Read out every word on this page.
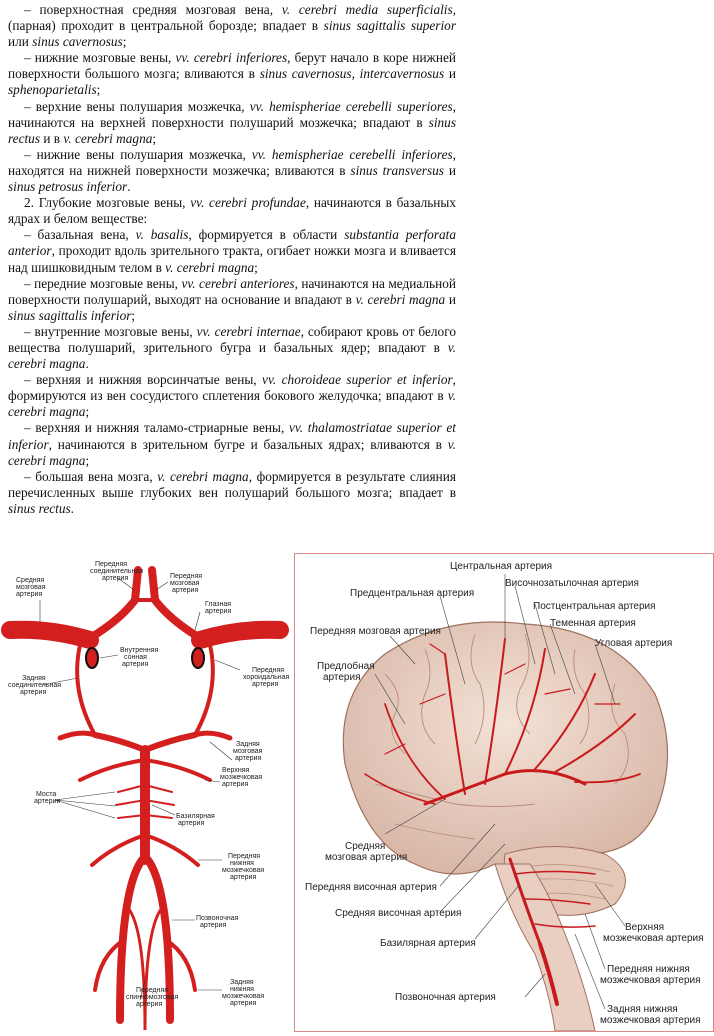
– поверхностная средняя мозговая вена, v. cerebri media superficialis, (парная) проходит в центральной борозде; впадает в sinus sagittalis superior или sinus cavernosus;

– нижние мозговые вены, vv. cerebri inferiores, берут начало в коре нижней поверхности большого мозга; вливаются в sinus cavernosus, intercavernosus и sphenoparietalis;

– верхние вены полушария мозжечка, vv. hemispheriae cerebelli superiores, начинаются на верхней поверхности полушарий мозжечка; впадают в sinus rectus и в v. cerebri magna;

– нижние вены полушария мозжечка, vv. hemispheriae cerebelli inferiores, находятся на нижней поверхности мозжечка; вливаются в sinus transversus и sinus petrosus inferior.

2. Глубокие мозговые вены, vv. cerebri profundae, начинаются в базальных ядрах и белом веществе:

– базальная вена, v. basalis, формируется в области substantia perforata anterior, проходит вдоль зрительного тракта, огибает ножки мозга и вливается над шишковидным телом в v. cerebri magna;

– передние мозговые вены, vv. cerebri anteriores, начинаются на медиальной поверхности полушарий, выходят на основание и впадают в v. cerebri magna и sinus sagittalis inferior;

– внутренние мозговые вены, vv. cerebri internae, собирают кровь от белого вещества полушарий, зрительного бугра и базальных ядер; впадают в v. cerebri magna.

– верхняя и нижняя ворсинчатые вены, vv. choroideae superior et inferior, формируются из вен сосудистого сплетения бокового желудочка; впадают в v. cerebri magna;

– верхняя и нижняя таламо-стриарные вены, vv. thalamostriatae superior et inferior, начинаются в зрительном бугре и базальных ядрах; вливаются в v. cerebri magna;

– большая вена мозга, v. cerebri magna, формируется в результате слияния перечисленных выше глубоких вен полушарий большого мозга; впадает в sinus rectus.

Передняя соединительная артерия
Средняя мозговая артерия
Передняя мозговая артерия
Глазная артерия
Внутренняя сонная артерия
Передняя хороидальная артерия
Задняя соединительная артерия
Задняя мозговая артерия
Верхняя мозжечковая артерия
Моста артерии
Базилярная артерия
Передняя нижняя мозжечковая артерия
Позвоночная артерия
Передняя спинномозговая артерия
Задняя нижняя мозжечковая артерия
Центральная артерия
Височнозатылочная артерия
Предцентральная артерия
Постцентральная артерия
Передняя мозговая артерия
Теменная артерия
Угловая артерия
Предлобная артерия
Средняя мозговая артерия
Передняя височная артерия
Средняя височная артерия
Базилярная артерия
Позвоночная артерия
Верхняя мозжечковая артерия
Передняя нижняя мозжечковая артерия
Задняя нижняя мозжечковая артерия
